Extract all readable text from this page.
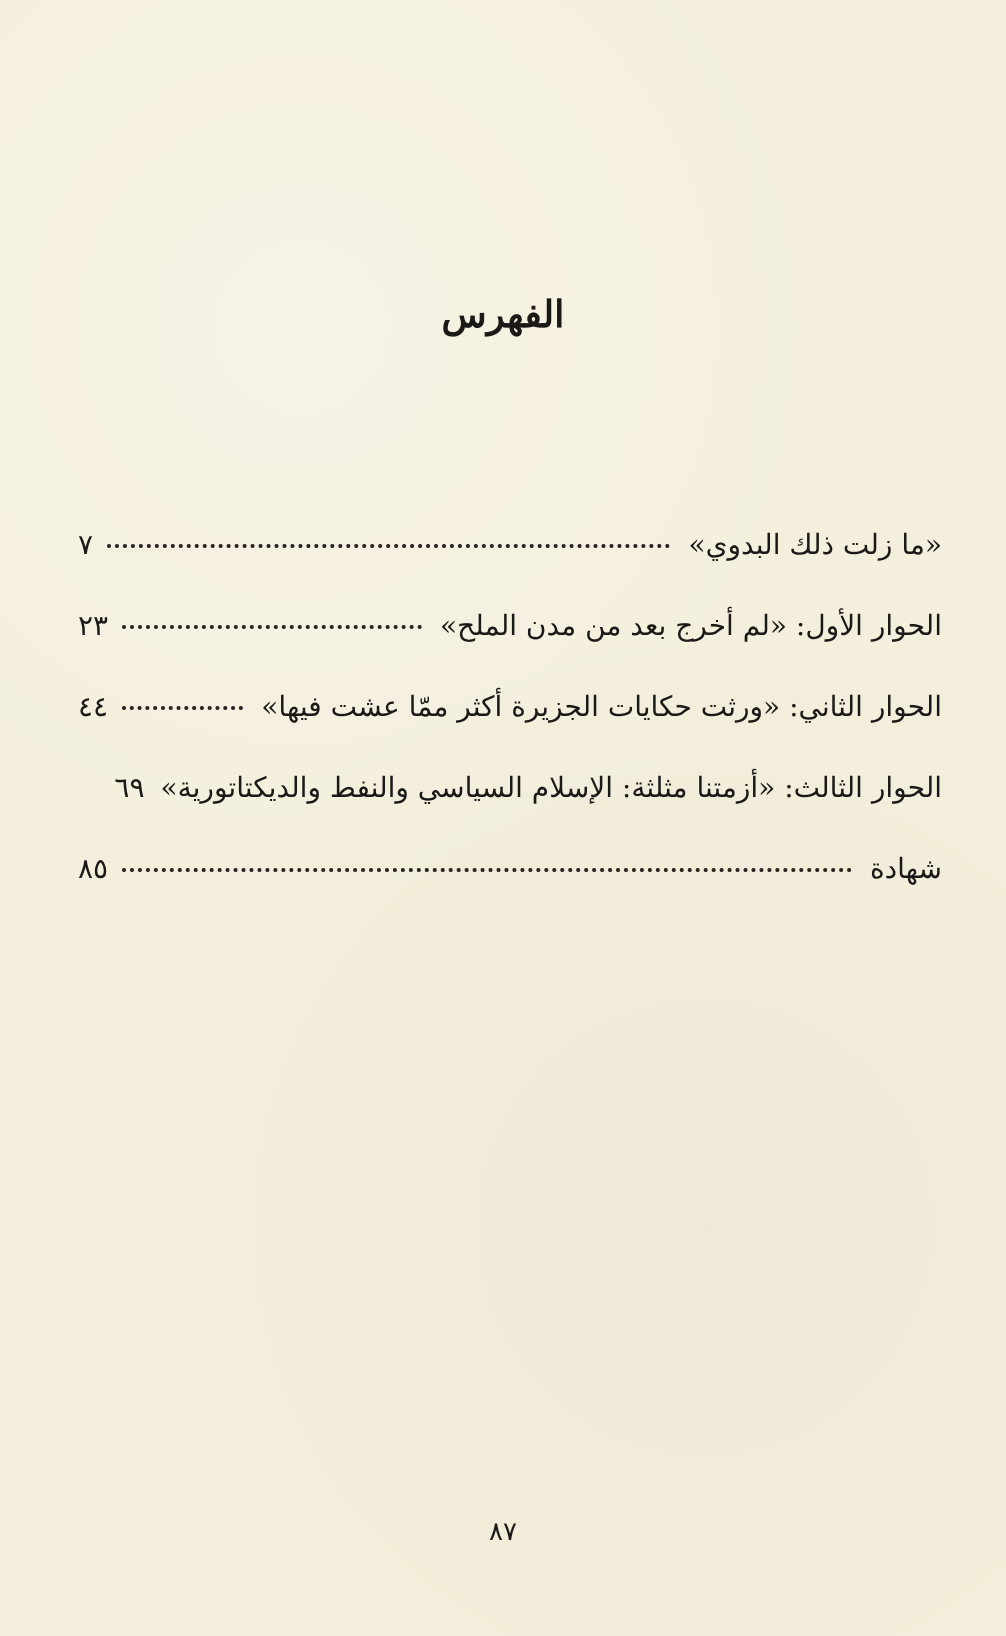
الفهرس
«ما زلت ذلك البدوي»
٧
الحوار الأول: «لم أخرج بعد من مدن الملح»
٢٣
الحوار الثاني: «ورثت حكايات الجزيرة أكثر ممّا عشت فيها»
٤٤
الحوار الثالث: «أزمتنا مثلثة: الإسلام السياسي والنفط والديكتاتورية»
٦٩
شهادة
٨٥
٨٧
